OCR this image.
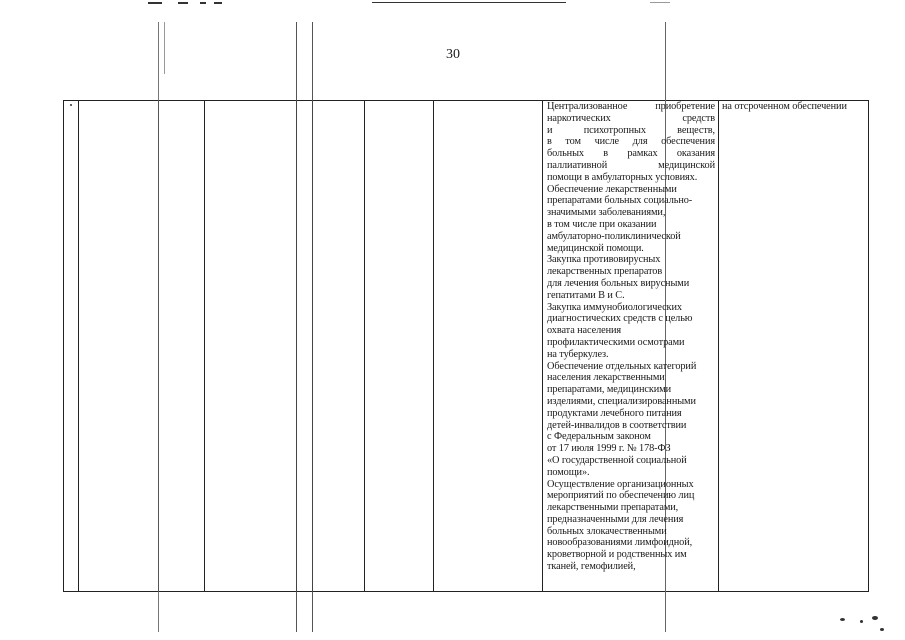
30
Централизованное приобретение
наркотических средств
и психотропных веществ,
в том числе для обеспечения
больных в рамках оказания
паллиативной медицинской
помощи в амбулаторных условиях.
Обеспечение лекарственными
препаратами больных социально-
значимыми заболеваниями,
в том числе при оказании
амбулаторно-поликлинической
медицинской помощи.
Закупка противовирусных
лекарственных препаратов
для лечения больных вирусными
гепатитами В и С.
Закупка иммунобиологических
диагностических средств с целью
охвата населения
профилактическими осмотрами
на туберкулез.
Обеспечение отдельных категорий
населения лекарственными
препаратами, медицинскими
изделиями, специализированными
продуктами лечебного питания
детей-инвалидов в соответствии
с Федеральным законом
от 17 июля 1999 г. № 178-ФЗ
«О государственной социальной
помощи».
Осуществление организационных
мероприятий по обеспечению лиц
лекарственными препаратами,
предназначенными для лечения
больных злокачественными
новообразованиями лимфоидной,
кроветворной и родственных им
тканей, гемофилией,
на отсроченном обеспечении
